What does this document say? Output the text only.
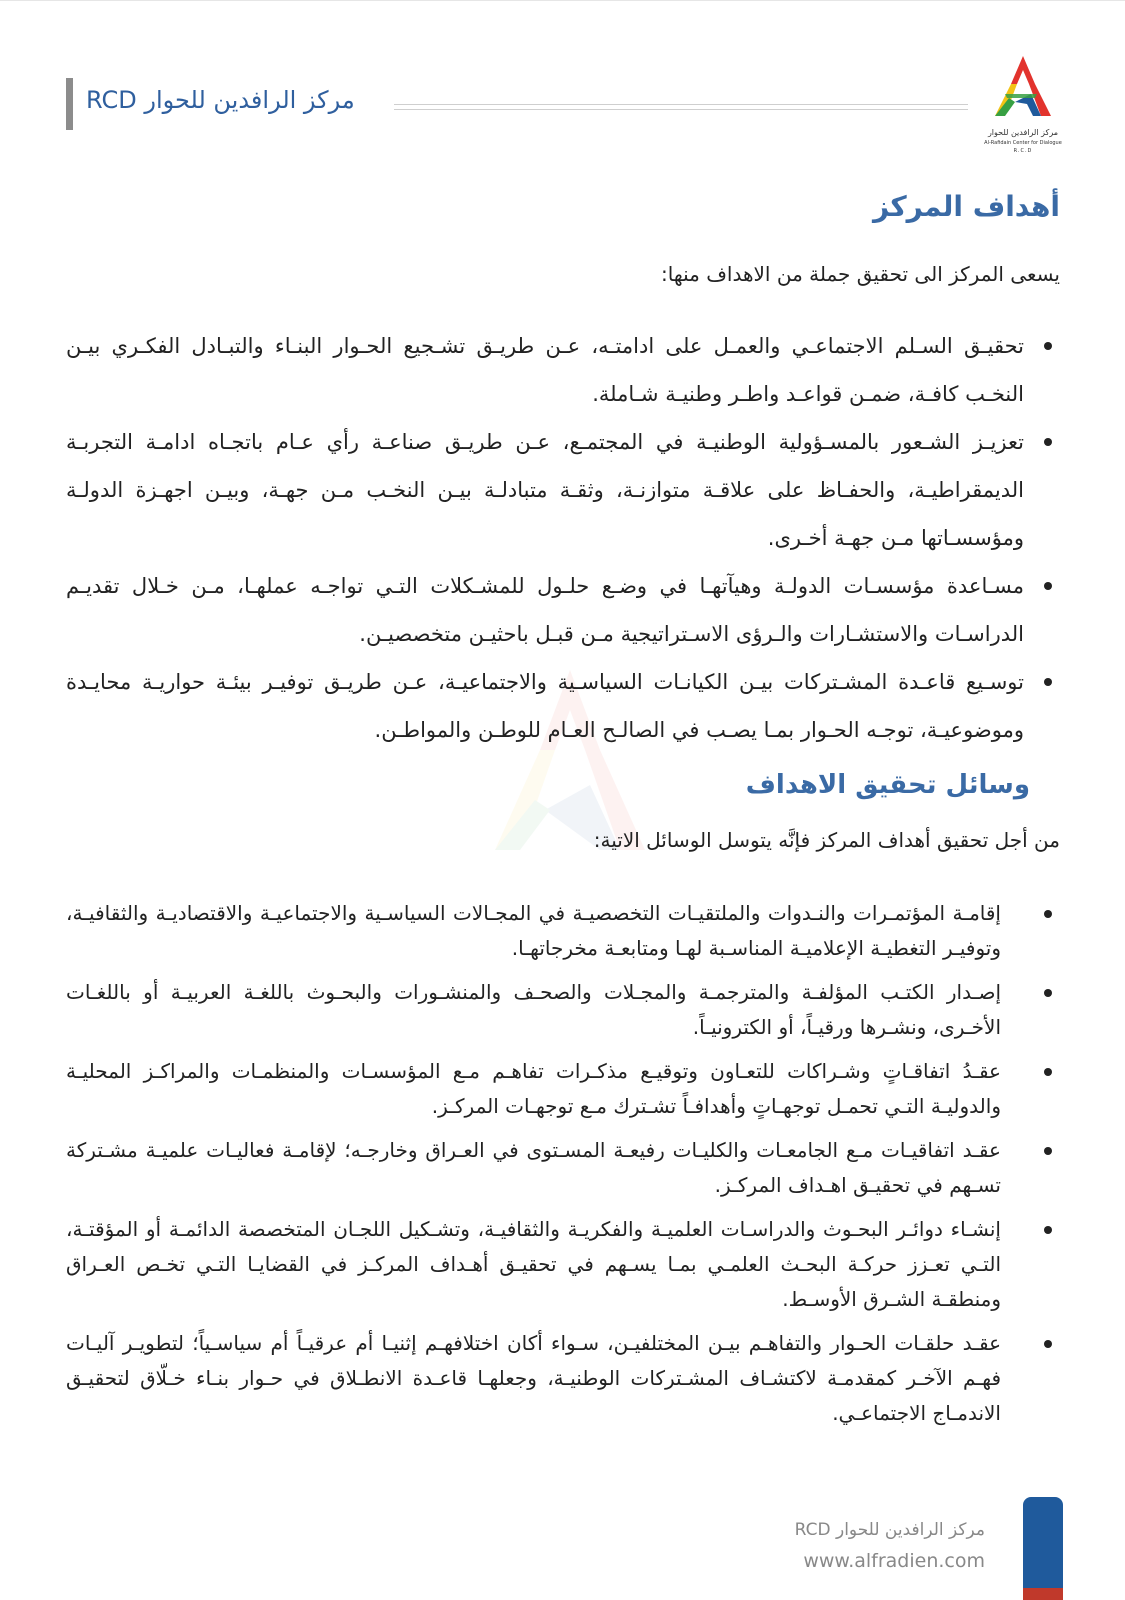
مركز الرافدين للحوار RCD
مركز الرافدين للحوار
Al-Rafidain Center for Dialogue
R.C.D
أهداف المركز
يسعى المركز الى تحقيق جملة من الاهداف منها:
تحقيـق السـلم الاجتماعـي والعمـل على ادامتـه، عـن طريـق تشـجيع الحـوار البنـاء والتبـادل الفكـري بيـن النخـب كافـة، ضمـن قواعـد واطـر وطنيـة شـاملة.
تعزيـز الشـعور بالمسـؤولية الوطنيـة في المجتمـع، عـن طريـق صناعـة رأي عـام باتجـاه ادامـة التجربـة الديمقراطيـة، والحفـاظ على علاقـة متوازنـة، وثقـة متبادلـة بيـن النخـب مـن جهـة، وبيـن اجهـزة الدولـة ومؤسسـاتها مـن جهـة أخـرى.
مسـاعدة مؤسسـات الدولـة وهيآتهـا في وضـع حلـول للمشـكلات التـي تواجـه عملهـا، مـن خـلال تقديـم الدراسـات والاستشـارات والـرؤى الاسـتراتيجية مـن قبـل باحثيـن متخصصيـن.
توسـيع قاعـدة المشـتركات بيـن الكيانـات السياسـية والاجتماعيـة، عـن طريـق توفيـر بيئـة حواريـة محايـدة وموضوعيـة، توجـه الحـوار بمـا يصـب في الصالـح العـام للوطـن والمواطـن.
وسائل تحقيق الاهداف
من أجل تحقيق أهداف المركز فإنَّه يتوسل الوسائل الاتية:
إقامـة المؤتمـرات والنـدوات والملتقيـات التخصصيـة في المجـالات السياسـية والاجتماعيـة والاقتصاديـة والثقافيـة، وتوفيـر التغطيـة الإعلاميـة المناسـبة لهـا ومتابعـة مخرجاتهـا.
إصـدار الكتـب المؤلفـة والمترجمـة والمجـلات والصحـف والمنشـورات والبحـوث باللغـة العربيـة أو باللغـات الأخـرى، ونشـرها ورقيـاً، أو الكترونيـاً.
عقـدُ اتفاقـاتٍ وشـراكات للتعـاون وتوقيـع مذكـرات تفاهـم مـع المؤسسـات والمنظمـات والمراكـز المحليـة والدوليـة التـي تحمـل توجهـاتٍ وأهدافـاً تشـترك مـع توجهـات المركـز.
عقـد اتفاقيـات مـع الجامعـات والكليـات رفيعـة المسـتوى في العـراق وخارجـه؛ لإقامـة فعاليـات علميـة مشـتركة تسـهم في تحقيـق اهـداف المركـز.
إنشـاء دوائـر البحـوث والدراسـات العلميـة والفكريـة والثقافيـة، وتشـكيل اللجـان المتخصصة الدائمـة أو المؤقتـة، التـي تعـزز حركـة البحـث العلمـي بمـا يسـهم في تحقيـق أهـداف المركـز في القضايـا التـي تخـص العـراق ومنطقـة الشـرق الأوسـط.
عقـد حلقـات الحـوار والتفاهـم بيـن المختلفيـن، سـواء أكان اختلافهـم إثنيـا أم عرقيـاً أم سياسـياً؛ لتطويـر آليـات فهـم الآخـر كمقدمـة لاكتشـاف المشـتركات الوطنيـة، وجعلهـا قاعـدة الانطـلاق في حـوار بنـاء خـلّاق لتحقيـق الاندمـاج الاجتماعـي.
مركز الرافدين للحوار RCD
www.alfradien.com
